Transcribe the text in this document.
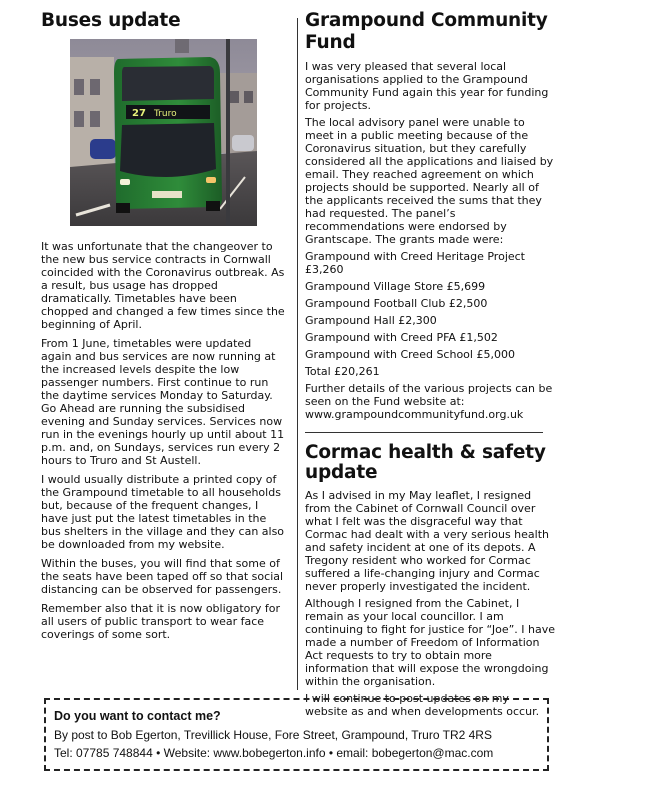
Buses update
27 Truro

It was unfortunate that the changeover to the new bus service contracts in Cornwall coincided with the Coronavirus outbreak. As a result, bus usage has dropped dramatically. Timetables have been chopped and changed a few times since the beginning of April.

From 1 June, timetables were updated again and bus services are now running at the increased levels despite the low passenger numbers. First continue to run the daytime services Monday to Saturday. Go Ahead are running the subsidised evening and Sunday services. Services now run in the evenings hourly up until about 11 p.m. and, on Sundays, services run every 2 hours to Truro and St Austell.

I would usually distribute a printed copy of the Grampound timetable to all households but, because of the frequent changes, I have just put the latest timetables in the bus shelters in the village and they can also be downloaded from my website.

Within the buses, you will find that some of the seats have been taped off so that social distancing can be observed for passengers.

Remember also that it is now obligatory for all users of public transport to wear face coverings of some sort.

Grampound Community Fund

I was very pleased that several local organisations applied to the Grampound Community Fund again this year for funding for projects.

The local advisory panel were unable to meet in a public meeting because of the Coronavirus situation, but they carefully considered all the applications and liaised by email. They reached agreement on which projects should be supported. Nearly all of the applicants received the sums that they had requested. The panel’s recommendations were endorsed by Grantscape. The grants made were:

Grampound with Creed Heritage Project £3,260

Grampound Village Store £5,699

Grampound Football Club £2,500

Grampound Hall £2,300

Grampound with Creed PFA £1,502

Grampound with Creed School £5,000

Total £20,261

Further details of the various projects can be seen on the Fund website at: www.grampoundcommunityfund.org.uk

Cormac health & safety update

As I advised in my May leaflet, I resigned from the Cabinet of Cornwall Council over what I felt was the disgraceful way that Cormac had dealt with a very serious health and safety incident at one of its depots. A Tregony resident who worked for Cormac suffered a life-changing injury and Cormac never properly investigated the incident.

Although I resigned from the Cabinet, I remain as your local councillor. I am continuing to fight for justice for “Joe”. I have made a number of Freedom of Information Act requests to try to obtain more information that will expose the wrongdoing within the organisation.

I will continue to post updates on my website as and when developments occur.

Do you want to contact me?
By post to Bob Egerton, Trevillick House, Fore Street, Grampound, Truro TR2 4RS
Tel: 07785 748844 • Website: www.bobegerton.info • email: bobegerton@mac.com
